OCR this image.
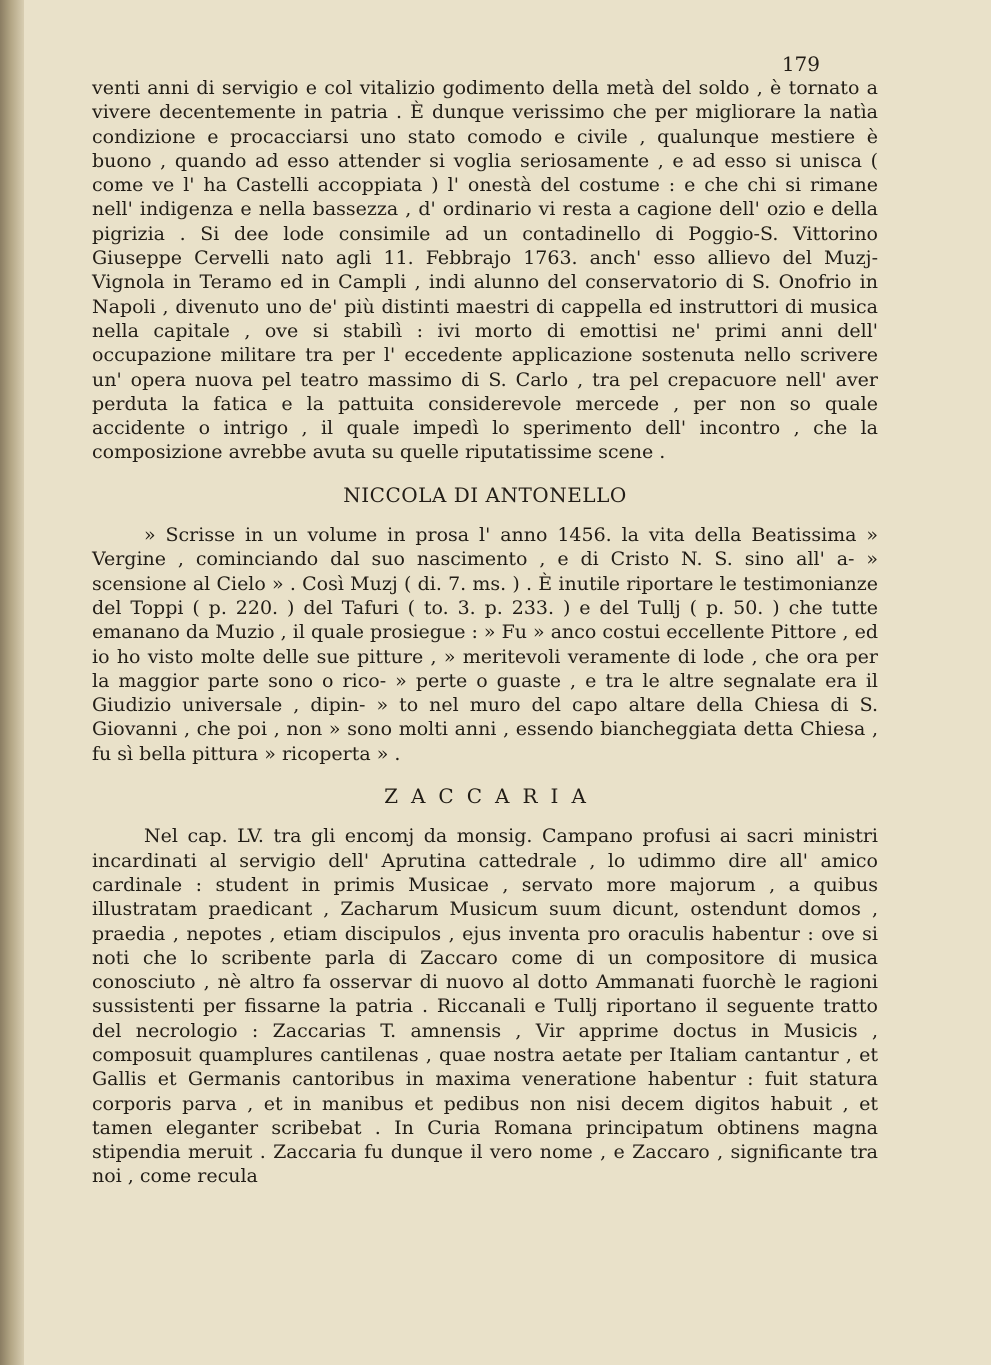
179

venti anni di servigio e col vitalizio godimento della metà del soldo , è tornato a vivere decentemente in patria . È dunque verissimo che per migliorare la natìa condizione e procacciarsi uno stato comodo e civile , qualunque mestiere è buono , quando ad esso attender si voglia seriosamente , e ad esso si unisca ( come ve l' ha Castelli accoppiata ) l' onestà del costume : e che chi si rimane nell' indigenza e nella bassezza , d' ordinario vi resta a cagione dell' ozio e della pigrizia . Si dee lode consimile ad un contadinello di Poggio-S. Vittorino Giuseppe Cervelli nato agli 11. Febbrajo 1763. anch' esso allievo del Muzj-Vignola in Teramo ed in Campli , indi alunno del conservatorio di S. Onofrio in Napoli , divenuto uno de' più distinti maestri di cappella ed instruttori di musica nella capitale , ove si stabilì : ivi morto di emottisi ne' primi anni dell' occupazione militare tra per l' eccedente applicazione sostenuta nello scrivere un' opera nuova pel teatro massimo di S. Carlo , tra pel crepacuore nell' aver perduta la fatica e la pattuita considerevole mercede , per non so quale accidente o intrigo , il quale impedì lo sperimento dell' incontro , che la composizione avrebbe avuta su quelle riputatissime scene .

NICCOLA DI ANTONELLO

» Scrisse in un volume in prosa l' anno 1456. la vita della Beatissima » Vergine , cominciando dal suo nascimento , e di Cristo N. S. sino all' a- » scensione al Cielo » . Così Muzj ( di. 7. ms. ) . È inutile riportare le testimonianze del Toppi ( p. 220. ) del Tafuri ( to. 3. p. 233. ) e del Tullj ( p. 50. ) che tutte emanano da Muzio , il quale prosiegue : » Fu » anco costui eccellente Pittore , ed io ho visto molte delle sue pitture , » meritevoli veramente di lode , che ora per la maggior parte sono o rico- » perte o guaste , e tra le altre segnalate era il Giudizio universale , dipin- » to nel muro del capo altare della Chiesa di S. Giovanni , che poi , non » sono molti anni , essendo biancheggiata detta Chiesa , fu sì bella pittura » ricoperta » .

ZACCARIA

Nel cap. LV. tra gli encomj da monsig. Campano profusi ai sacri ministri incardinati al servigio dell' Aprutina cattedrale , lo udimmo dire all' amico cardinale : student in primis Musicae , servato more majorum , a quibus illustratam praedicant , Zacharum Musicum suum dicunt, ostendunt domos , praedia , nepotes , etiam discipulos , ejus inventa pro oraculis habentur : ove si noti che lo scribente parla di Zaccaro come di un compositore di musica conosciuto , nè altro fa osservar di nuovo al dotto Ammanati fuorchè le ragioni sussistenti per fissarne la patria . Riccanali e Tullj riportano il seguente tratto del necrologio : Zaccarias T. amnensis , Vir apprime doctus in Musicis , composuit quamplures cantilenas , quae nostra aetate per Italiam cantantur , et Gallis et Germanis cantoribus in maxima veneratione habentur : fuit statura corporis parva , et in manibus et pedibus non nisi decem digitos habuit , et tamen eleganter scribebat . In Curia Romana principatum obtinens magna stipendia meruit . Zaccaria fu dunque il vero nome , e Zaccaro , significante tra noi , come recula
